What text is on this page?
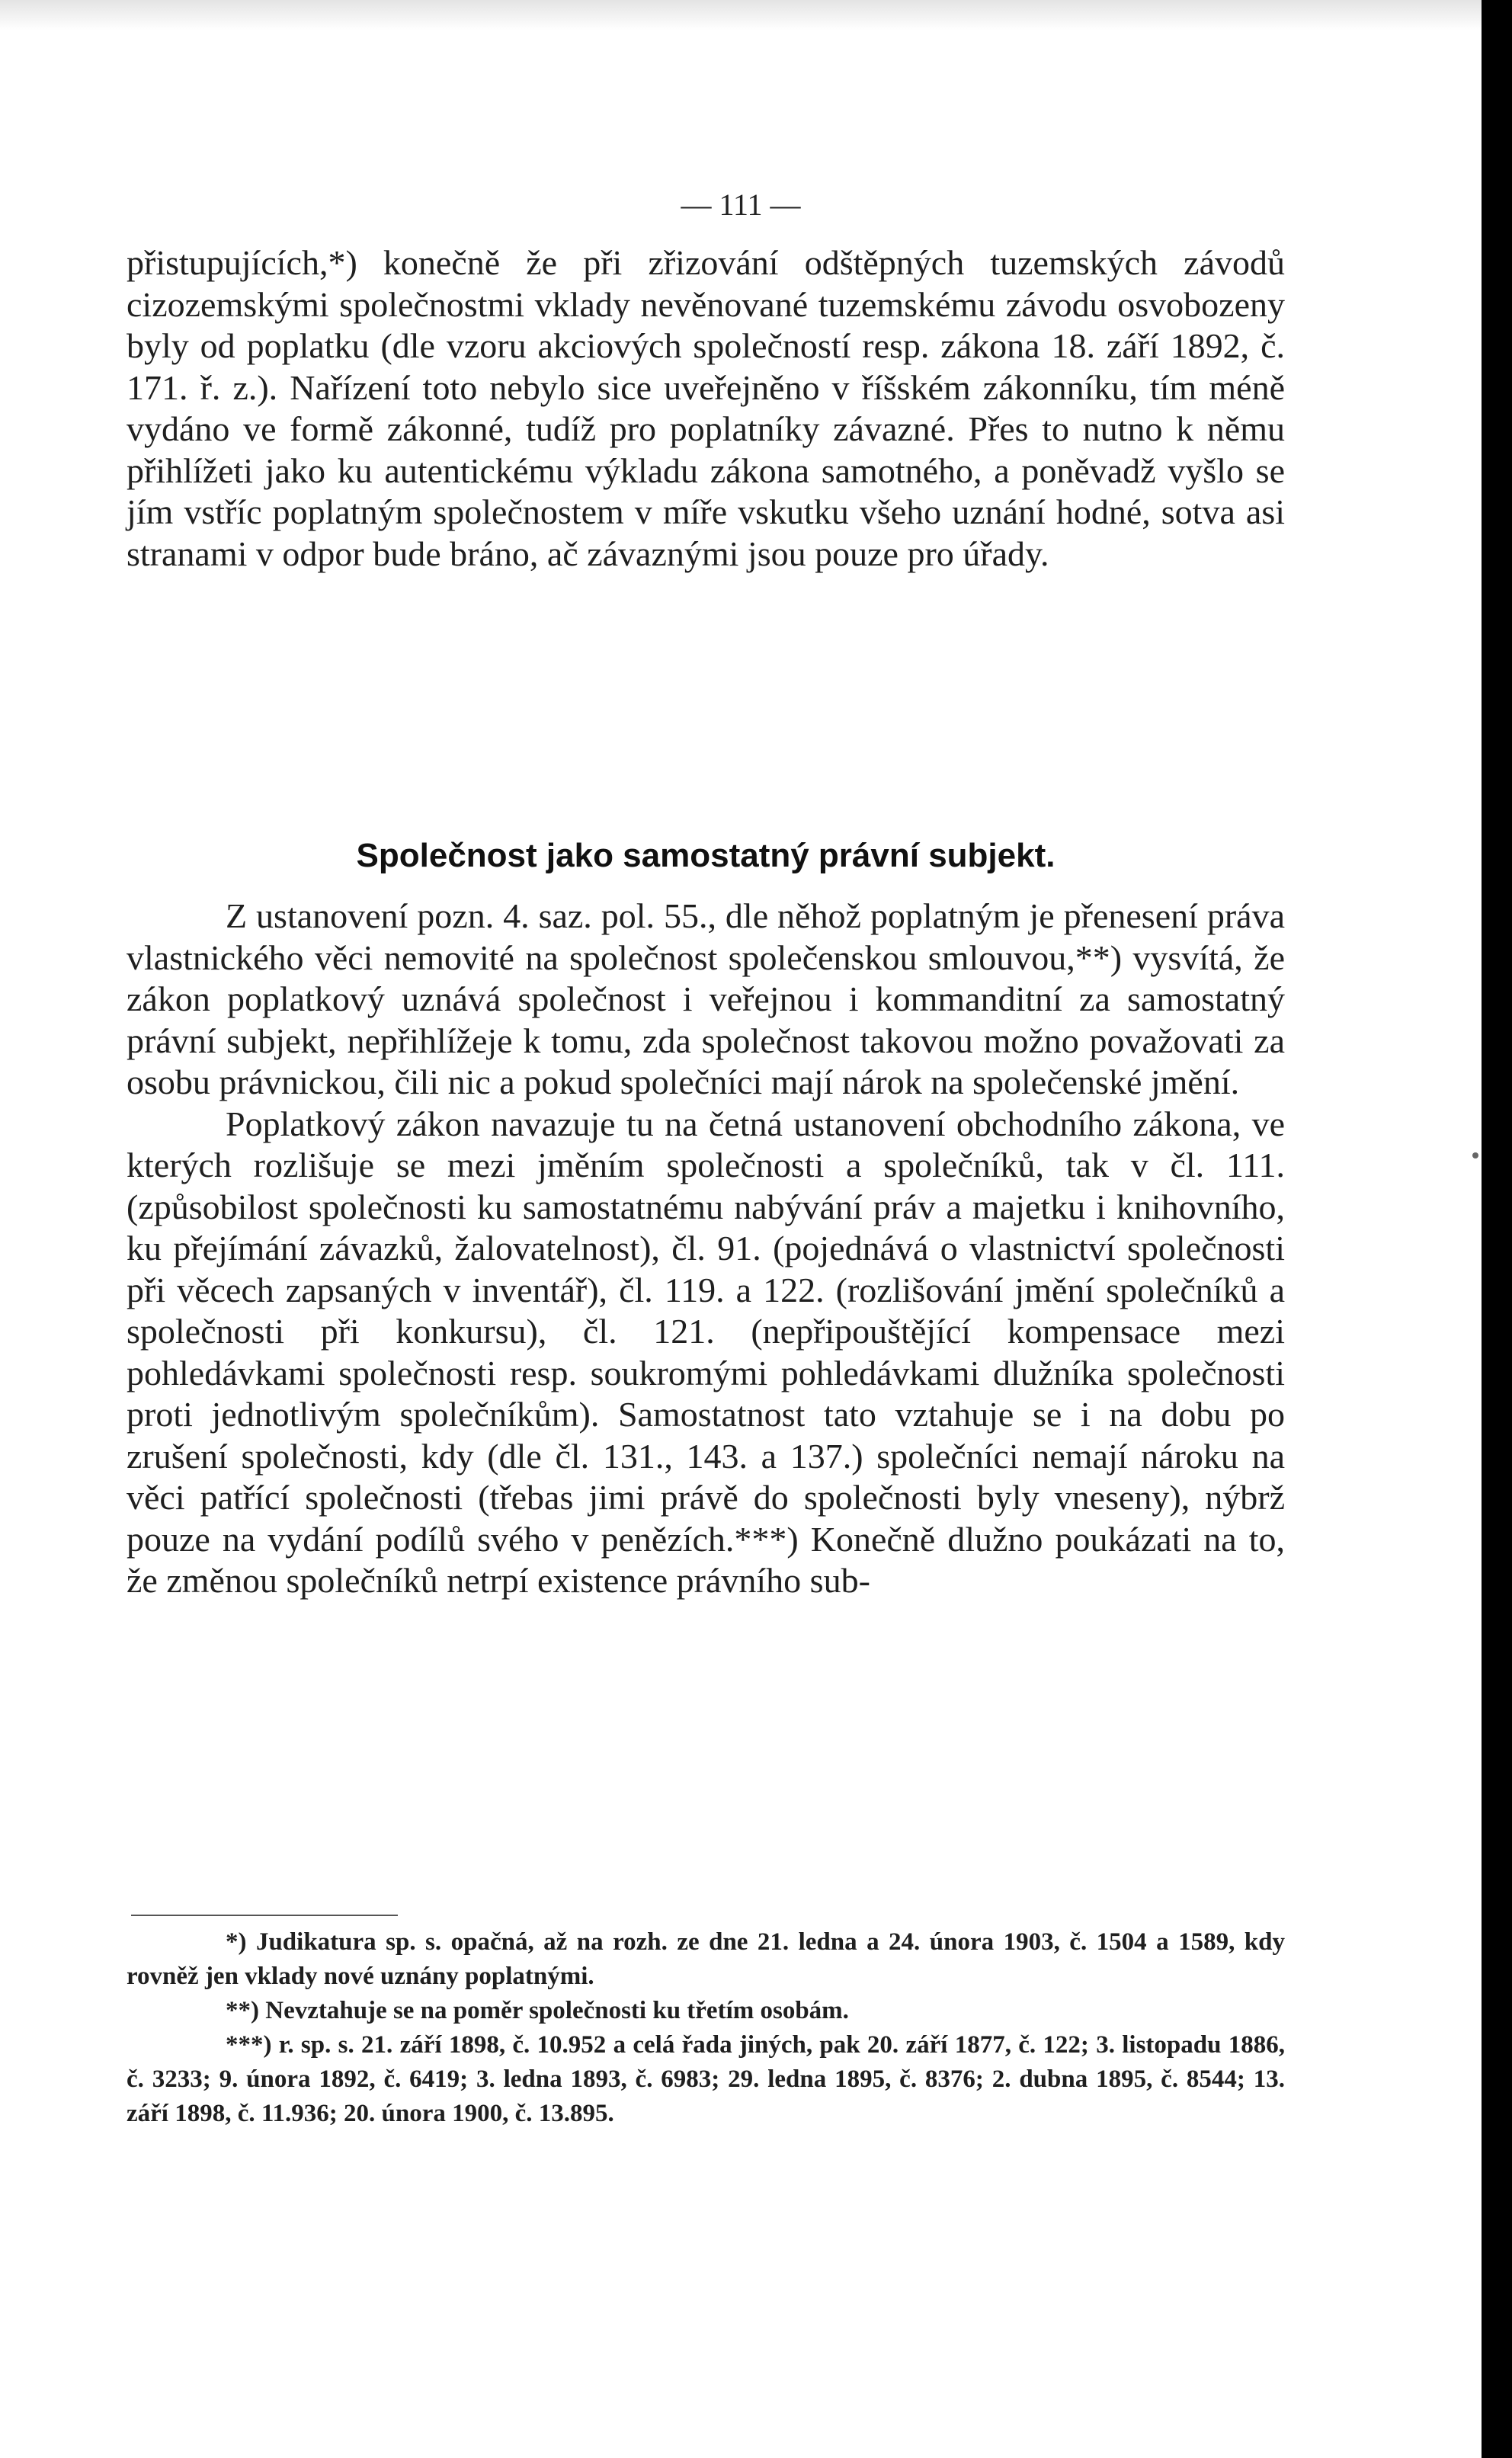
— 111 —

přistupujících,*) konečně že při zřizování odštěpných tuzemských závodů cizozemskými společnostmi vklady nevěnované tuzemskému závodu osvobozeny byly od poplatku (dle vzoru akciových společností resp. zákona 18. září 1892, č. 171. ř. z.). Nařízení toto nebylo sice uveřejněno v říšském zákonníku, tím méně vydáno ve formě zákonné, tudíž pro poplatníky závazné. Přes to nutno k němu přihlížeti jako ku autentickému výkladu zákona samotného, a poněvadž vyšlo se jím vstříc poplatným společnostem v míře vskutku všeho uznání hodné, sotva asi stranami v odpor bude bráno, ač závaznými jsou pouze pro úřady.

Společnost jako samostatný právní subjekt.

Z ustanovení pozn. 4. saz. pol. 55., dle něhož poplatným je přenesení práva vlastnického věci nemovité na společnost společenskou smlouvou,**) vysvítá, že zákon poplatkový uznává společnost i veřejnou i kommanditní za samostatný právní subjekt, nepřihlížeje k tomu, zda společnost takovou možno považovati za osobu právnickou, čili nic a pokud společníci mají nárok na společenské jmění.

Poplatkový zákon navazuje tu na četná ustanovení obchodního zákona, ve kterých rozlišuje se mezi jměním společnosti a společníků, tak v čl. 111. (způsobilost společnosti ku samostatnému nabývání práv a majetku i knihovního, ku přejímání závazků, žalovatelnost), čl. 91. (pojednává o vlastnictví společnosti při věcech zapsaných v inventář), čl. 119. a 122. (rozlišování jmění společníků a společnosti při konkursu), čl. 121. (nepřipouštějící kompensace mezi pohledávkami společnosti resp. soukromými pohledávkami dlužníka společnosti proti jednotlivým společníkům). Samostatnost tato vztahuje se i na dobu po zrušení společnosti, kdy (dle čl. 131., 143. a 137.) společníci nemají nároku na věci patřící společnosti (třebas jimi právě do společnosti byly vneseny), nýbrž pouze na vydání podílů svého v penězích.***) Konečně dlužno poukázati na to, že změnou společníků netrpí existence právního sub-

*) Judikatura sp. s. opačná, až na rozh. ze dne 21. ledna a 24. února 1903, č. 1504 a 1589, kdy rovněž jen vklady nové uznány poplatnými.

**) Nevztahuje se na poměr společnosti ku třetím osobám.

***) r. sp. s. 21. září 1898, č. 10.952 a celá řada jiných, pak 20. září 1877, č. 122; 3. listopadu 1886, č. 3233; 9. února 1892, č. 6419; 3. ledna 1893, č. 6983; 29. ledna 1895, č. 8376; 2. dubna 1895, č. 8544; 13. září 1898, č. 11.936; 20. února 1900, č. 13.895.
